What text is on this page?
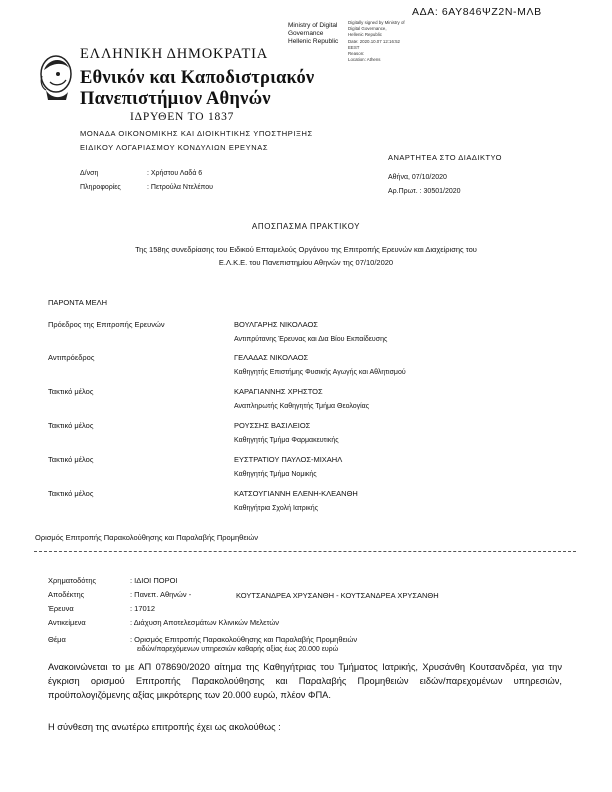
ΑΔΑ: 6ΑΥ846ΨΖ2Ν-ΜΛΒ
Ministry of Digital
Governance
Hellenic Republic
Digitally signed by Ministry of
Digital Governance,
Hellenic Republic
Date: 2020.10.07 12:16:52
EEST
Reason:
Location: Athens
ΕΛΛΗΝΙΚΗ ΔΗΜΟΚΡΑΤΙΑ
Εθνικόν και Καποδιστριακόν
Πανεπιστήμιον Αθηνών
ΙΔΡΥΘΕΝ ΤΟ 1837
ΜΟΝΑΔΑ ΟΙΚΟΝΟΜΙΚΗΣ ΚΑΙ ΔΙΟΙΚΗΤΙΚΗΣ ΥΠΟΣΤΗΡΙΞΗΣ
ΕΙΔΙΚΟΥ ΛΟΓΑΡΙΑΣΜΟΥ ΚΟΝΔΥΛΙΩΝ ΕΡΕΥΝΑΣ
ΑΝΑΡΤΗΤΕΑ ΣΤΟ ΔΙΑΔΙΚΤΥΟ
Δ/νση	: Χρήστου Λαδά 6
Πληροφορίες	: Πετρούλα Ντελέπου
Αθήνα, 07/10/2020
Αρ.Πρωτ. : 30501/2020
ΑΠΟΣΠΑΣΜΑ ΠΡΑΚΤΙΚΟΥ
Της 158ης συνεδρίασης του Ειδικού Επταμελούς Οργάνου της Επιτροπής Ερευνών και Διαχείρισης του
Ε.Λ.Κ.Ε. του Πανεπιστημίου Αθηνών της 07/10/2020
ΠΑΡΟΝΤΑ ΜΕΛΗ
Πρόεδρος της Επιτροπής Ερευνών	ΒΟΥΛΓΑΡΗΣ ΝΙΚΟΛΑΟΣ
Αντιπρύτανης Έρευνας και Δια Βίου Εκπαίδευσης
Αντιπρόεδρος	ΓΕΛΑΔΑΣ ΝΙΚΟΛΑΟΣ
Καθηγητής Επιστήμης Φυσικής Αγωγής και Αθλητισμού
Τακτικό μέλος	ΚΑΡΑΓΙΑΝΝΗΣ ΧΡΗΣΤΟΣ
Αναπληρωτής Καθηγητής Τμήμα Θεολογίας
Τακτικό μέλος	ΡΟΥΣΣΗΣ ΒΑΣΙΛΕΙΟΣ
Καθηγητής Τμήμα Φαρμακευτικής
Τακτικό μέλος	ΕΥΣΤΡΑΤΙΟΥ ΠΑΥΛΟΣ-ΜΙΧΑΗΛ
Καθηγητής Τμήμα Νομικής
Τακτικό μέλος	ΚΑΤΣΟΥΓΙΑΝΝΗ ΕΛΕΝΗ-ΚΛΕΑΝΘΗ
Καθηγήτρια Σχολή Ιατρικής
Ορισμός Επιτροπής Παρακολούθησης και Παραλαβής Προμηθειών
Χρηματοδότης	: ΙΔΙΟΙ ΠΟΡΟΙ
Αποδέκτης	: Πανεπ. Αθηνών -	ΚΟΥΤΣΑΝΔΡΕΑ ΧΡΥΣΑΝΘΗ - ΚΟΥΤΣΑΝΔΡΕΑ ΧΡΥΣΑΝΘΗ
Έρευνα	: 17012
Αντικείμενα	: Διάχυση Αποτελεσμάτων Κλινικών Μελετών
Θέμα	: Ορισμός Επιτροπής Παρακολούθησης και Παραλαβής Προμηθειών
ειδών/παρεχόμενων υπηρεσιών καθαρής αξίας έως 20.000 ευρώ
Ανακοινώνεται το με ΑΠ 078690/2020 αίτημα της Καθηγήτριας του Τμήματος Ιατρικής, Χρυσάνθη Κουτσανδρέα, για την έγκριση ορισμού Επιτροπής Παρακολούθησης και Παραλαβής Προμηθειών ειδών/παρεχομένων υπηρεσιών, προϋπολογιζόμενης αξίας μικρότερης των 20.000 ευρώ, πλέον ΦΠΑ.
Η σύνθεση της ανωτέρω επιτροπής έχει ως ακολούθως :
